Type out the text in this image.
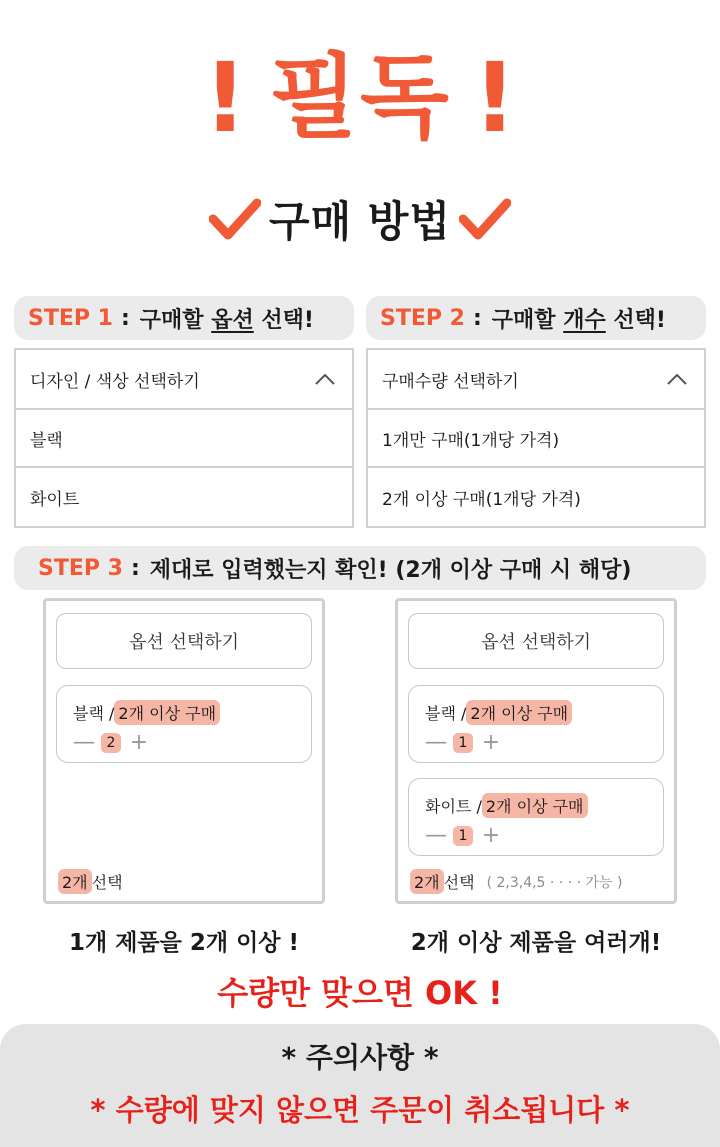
! 필독 !
구매 방법
STEP 1 : 구매할
옵션
선택!
디자인 / 색상 선택하기
블랙
화이트
STEP 2 : 구매할
개수
선택!
구매수량 선택하기
1개만 구매(1개당 가격)
2개 이상 구매(1개당 가격)
STEP 3 : 제대로 입력했는지 확인! (2개 이상 구매 시 해당)
옵션 선택하기
블랙 / 2개 이상 구매
— 2 +
2개 선택
옵션 선택하기
블랙 / 2개 이상 구매
— 1 +
화이트 / 2개 이상 구매
— 1 +
2개 선택 ( 2,3,4,5 · · · · 가능 )
1개 제품을 2개 이상 !	2개 이상 제품을 여러개!
수량만 맞으면 OK !
* 주의사항 *
* 수량에 맞지 않으면 주문이 취소됩니다 *
